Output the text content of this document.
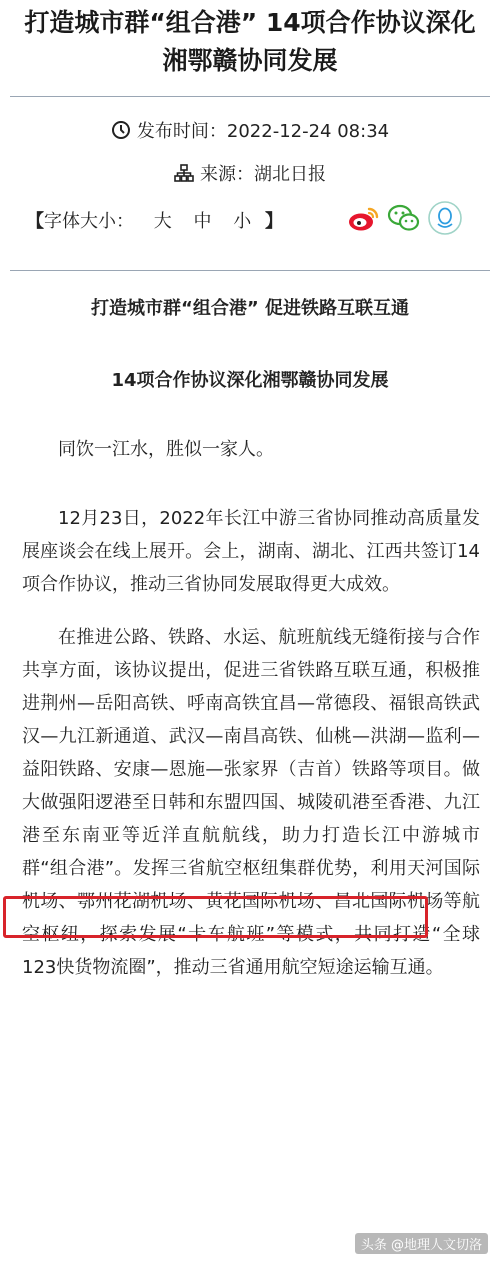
打造城市群“组合港” 14项合作协议深化湘鄂赣协同发展
发布时间：2022-12-24 08:34
来源：湖北日报
【字体大小： 大 中 小 】
打造城市群“组合港” 促进铁路互联互通
14项合作协议深化湘鄂赣协同发展

同饮一江水，胜似一家人。

12月23日，2022年长江中游三省协同推动高质量发展座谈会在线上展开。会上，湖南、湖北、江西共签订14项合作协议，推动三省协同发展取得更大成效。

在推进公路、铁路、水运、航班航线无缝衔接与合作共享方面，该协议提出，促进三省铁路互联互通，积极推进荆州—岳阳高铁、呼南高铁宜昌—常德段、福银高铁武汉—九江新通道、武汉—南昌高铁、仙桃—洪湖—监利—益阳铁路、安康—恩施—张家界（吉首）铁路等项目。做大做强阳逻港至日韩和东盟四国、城陵矶港至香港、九江港至东南亚等近洋直航航线，助力打造长江中游城市群“组合港”。发挥三省航空枢纽集群优势，利用天河国际机场、鄂州花湖机场、黄花国际机场、昌北国际机场等航空枢纽，探索发展“卡车航班”等模式，共同打造“全球123快货物流圈”，推动三省通用航空短途运输互通。

头条 @地理人文切洛
